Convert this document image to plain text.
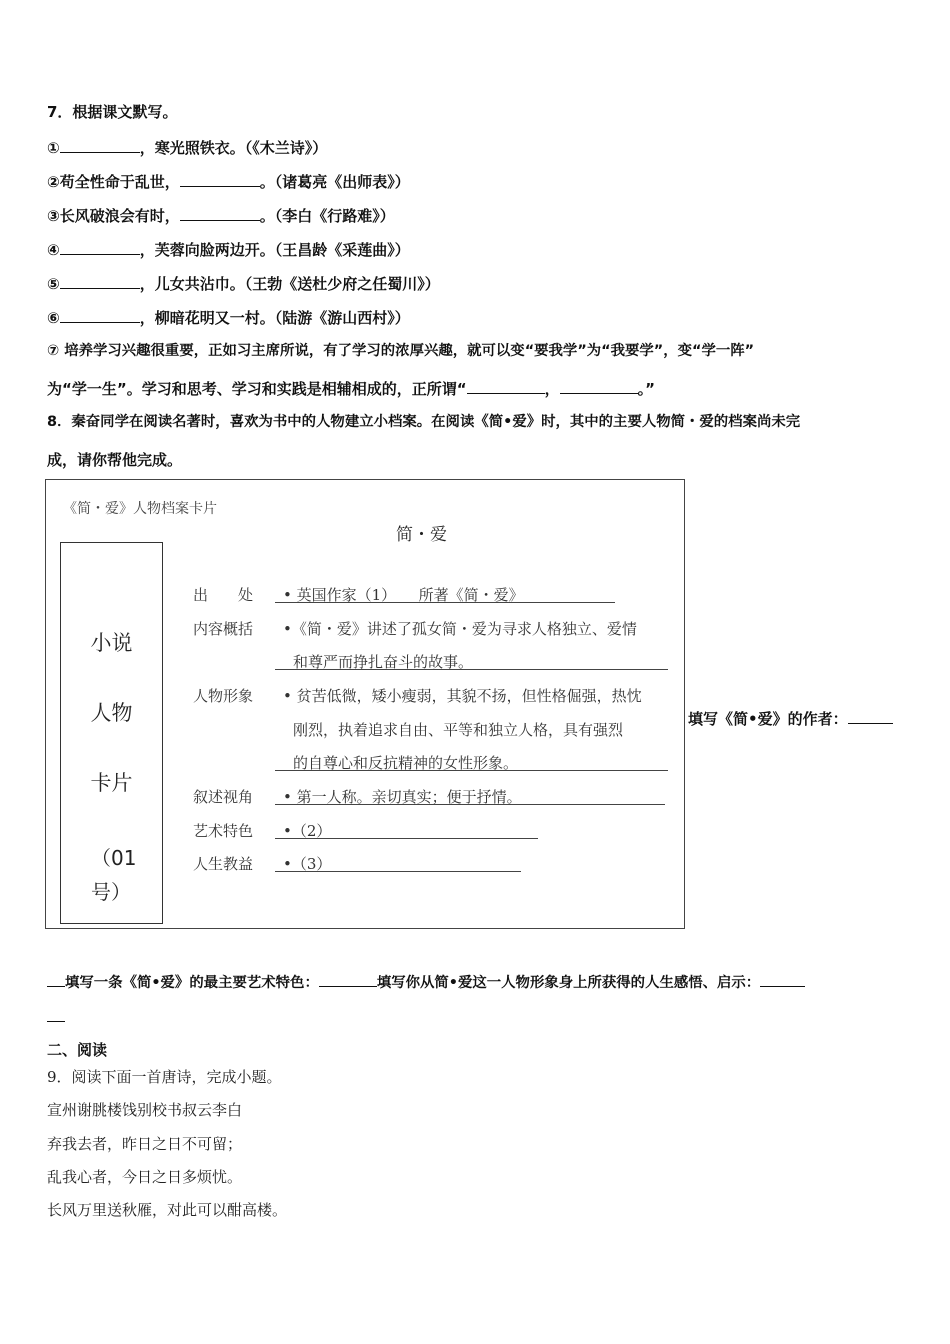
7．根据课文默写。
①	，寒光照铁衣。（《木兰诗》）
②苟全性命于乱世，	。（诸葛亮《出师表》）
③长风破浪会有时，	。（李白《行路难》）
④	，芙蓉向脸两边开。（王昌龄《采莲曲》）
⑤	，儿女共沾巾。（王勃《送杜少府之任蜀川》）
⑥	，柳暗花明又一村。（陆游《游山西村》）
⑦ 培养学习兴趣很重要，正如习主席所说，有了学习的浓厚兴趣，就可以变“要我学”为“我要学”，变“学一阵”
为“学一生”。学习和思考、学习和实践是相辅相成的，正所谓“	，	。”
8．秦奋同学在阅读名著时，喜欢为书中的人物建立小档案。在阅读《简•爱》时，其中的主要人物简・爱的档案尚未完
成，请你帮他完成。
《简・爱》人物档案卡片
简・爱
小说
人物
卡片
（01号）
出　　处 • 英国作家（1）　　所著《简・爱》
内容概括 •《简・爱》讲述了孤女简・爱为寻求人格独立、爱情
和尊严而挣扎奋斗的故事。
人物形象 • 贫苦低微，矮小瘦弱，其貌不扬，但性格倔强，热忱
刚烈，执着追求自由、平等和独立人格，具有强烈
的自尊心和反抗精神的女性形象。
叙述视角 • 第一人称。亲切真实；便于抒情。
艺术特色 •（2）
人生教益 •（3）
填写《简•爱》的作者：
填写一条《简•爱》的最主要艺术特色：	填写你从简•爱这一人物形象身上所获得的人生感悟、启示：
二、阅读
9．阅读下面一首唐诗，完成小题。
宣州谢朓楼饯别校书叔云李白
弃我去者，昨日之日不可留；
乱我心者，今日之日多烦忧。
长风万里送秋雁，对此可以酣高楼。
